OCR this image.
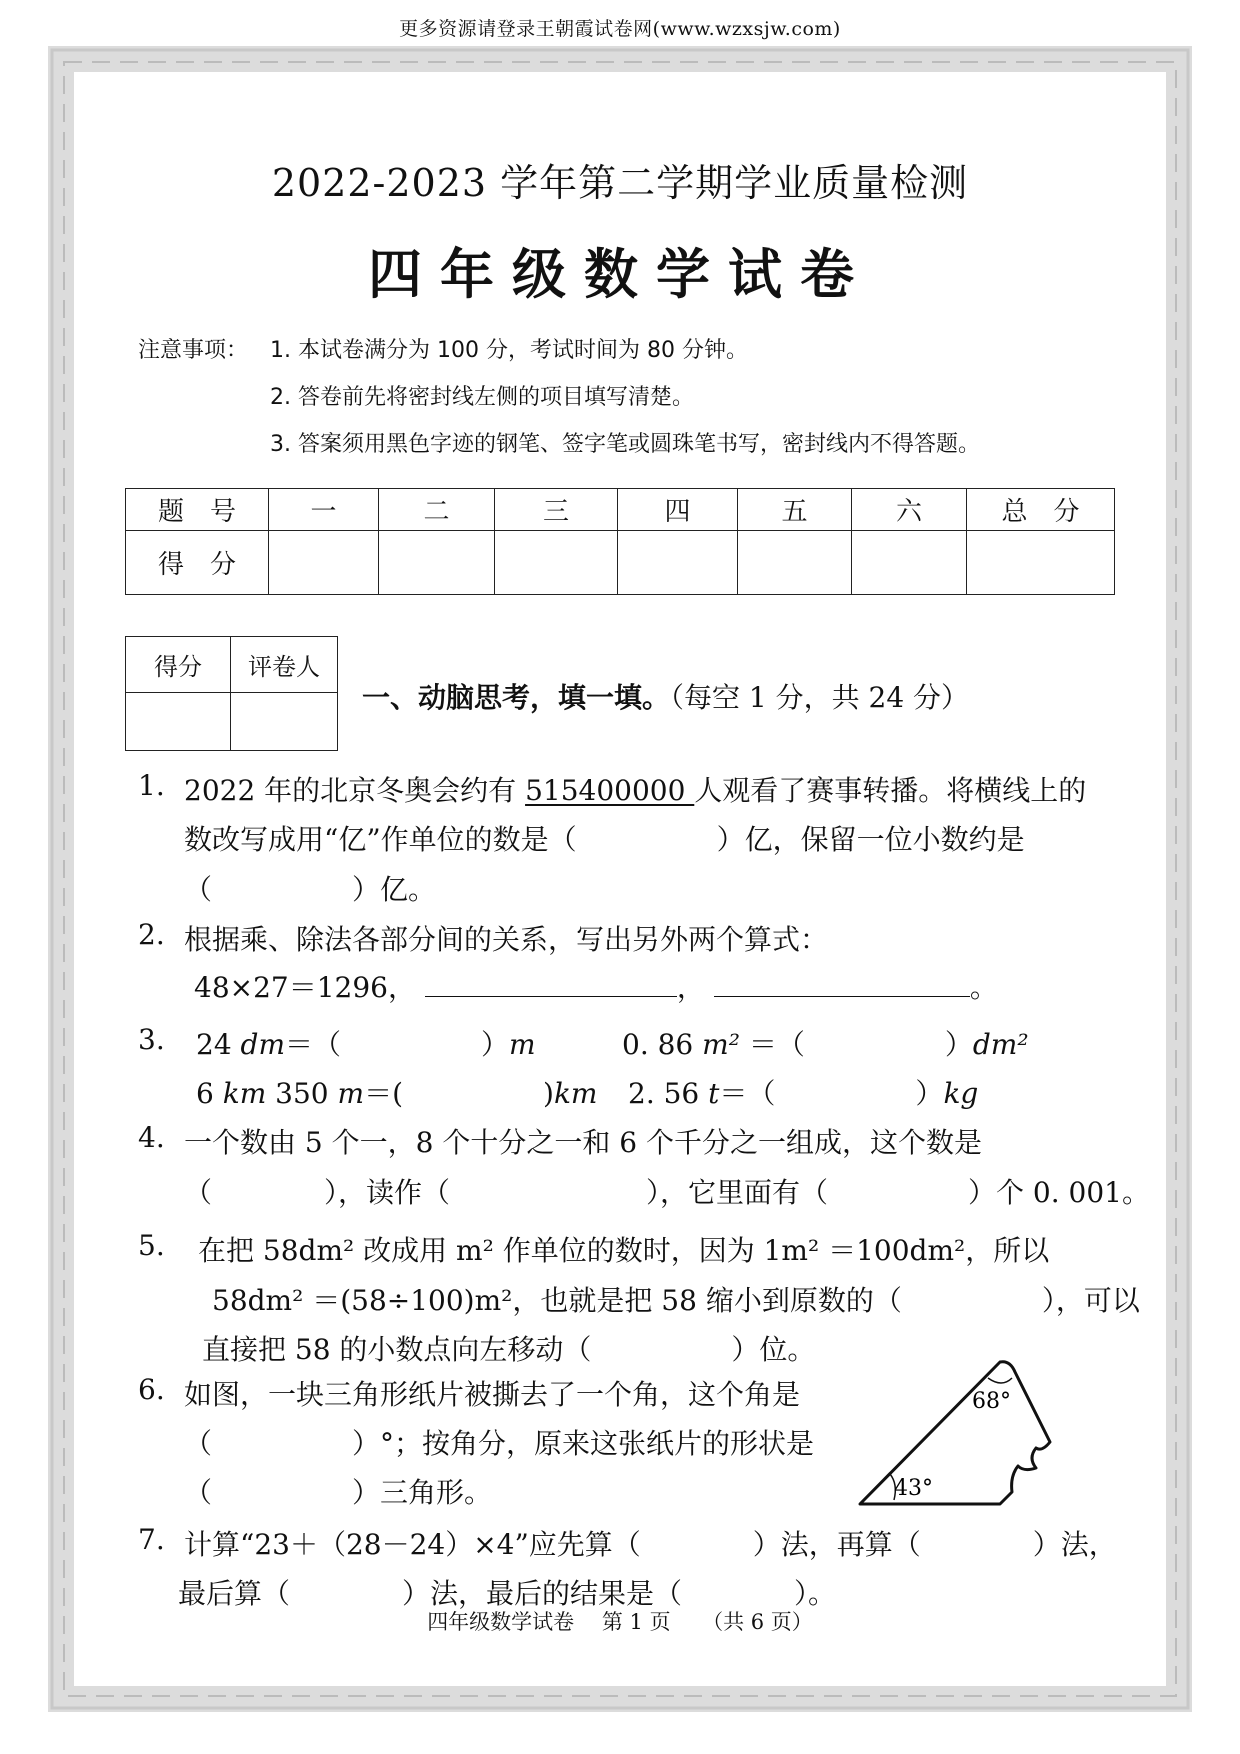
更多资源请登录王朝霞试卷网(www.wzxsjw.com)
2022-2023 学年第二学期学业质量检测
四年级数学试卷
注意事项： 1. 本试卷满分为 100 分，考试时间为 80 分钟。
2. 答卷前先将密封线左侧的项目填写清楚。
3. 答案须用黑色字迹的钢笔、签字笔或圆珠笔书写，密封线内不得答题。
题　号	一	二	三	四	五	六	总　分
得　分							
得分	评卷人

一、动脑思考，填一填。（每空 1 分，共 24 分）
1. 2022 年的北京冬奥会约有 515400000 人观看了赛事转播。将横线上的
数改写成用“亿”作单位的数是（　　　　　）亿，保留一位小数约是
（　　　　　）亿。
2. 根据乘、除法各部分间的关系，写出另外两个算式：
48×27＝1296，	，	。
3. 24 dm＝（　　　　　）m	0. 86 m² ＝（　　　　　）dm²
6 km 350 m＝(　　　　　)km 2. 56 t＝（　　　　　）kg
4. 一个数由 5 个一，8 个十分之一和 6 个千分之一组成，这个数是
（　　　　），读作（　　　　　　　），它里面有（　　　　　）个 0. 001。
5. 在把 58dm² 改成用 m² 作单位的数时，因为 1m² ＝100dm²，所以
58dm² ＝(58÷100)m²，也就是把 58 缩小到原数的（　　　　　），可以
直接把 58 的小数点向左移动（　　　　　）位。
6. 如图，一块三角形纸片被撕去了一个角，这个角是
（　　　　　）°；按角分，原来这张纸片的形状是
（　　　　　）三角形。
68°
43°
7. 计算“23＋（28－24）×4”应先算（　　　　）法，再算（　　　　）法，
最后算（　　　　）法，最后的结果是（　　　　）。
四年级数学试卷　 第 1 页　　（共 6 页）
